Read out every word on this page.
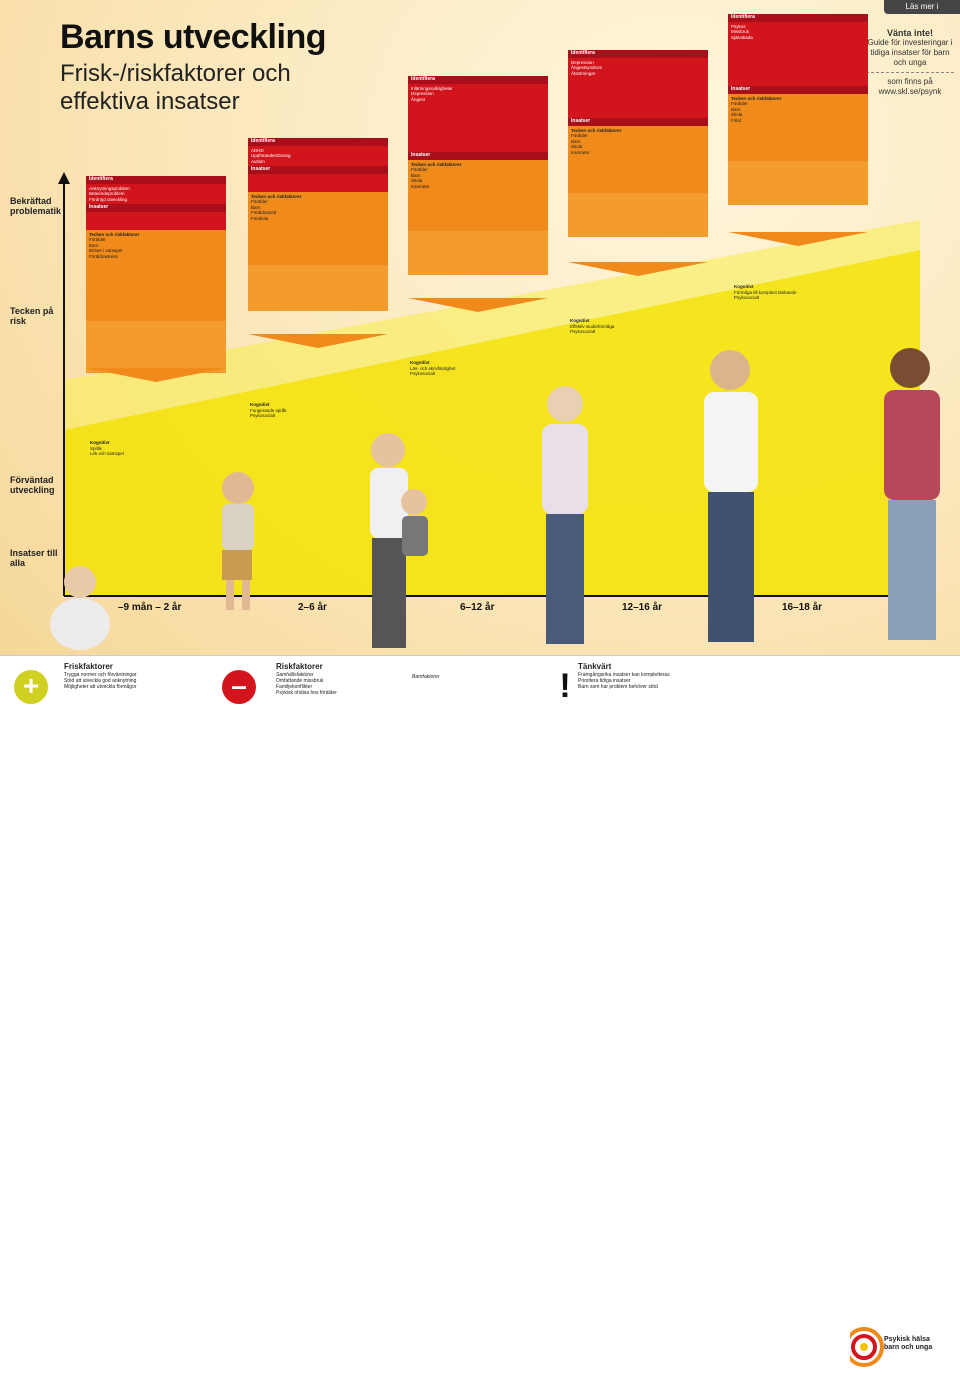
Läs mer i
Barns utveckling
Frisk-/riskfaktorer och effektiva insatser
Vänta inte!
Guide för investeringar i tidiga insatser för barn och unga
som finns på
www.skl.se/psynk
Bekräftad problematik
Tecken på risk
Förväntad utveckling
Insatser till alla
–9 mån – 2 år	2–6 år	6–12 år	12–16 år	16–18 år
Identifiera
Anknytningsproblem
Beteendeproblem
Fördröjd utveckling
Insatser
Tecken och riskfaktorer
Förälder
Barn
Brister i samspel
Föräldrastress
Identifiera
ADHD
Uppförandestörning
Autism
Insatser
Tecken och riskfaktorer
Förälder
Barn
Föräldrastöd
Förskola
Identifiera
Inlärningssvårigheter
Depression
Ångest
Insatser
Tecken och riskfaktorer
Förälder
Barn
Skola
Kamrater
Identifiera
Depression
Ångestsyndrom
Ätstörningar
Insatser
Tecken och riskfaktorer
Förälder
Barn
Skola
Kamrater
Identifiera
Psykos
Missbruk
Självskada
Insatser
Tecken och riskfaktorer
Förälder
Barn
Skola
Fritid
Kognitivt
Språk
Lek och samspel
Kognitivt
Fungerande språk
Psykosocialt
Kognitivt
Läs- och skrivfärdighet
Psykosocialt
Kognitivt
Effektiv studieförmåga
Psykosocialt
Kognitivt
Förmåga till komplext tänkande
Psykosocialt
+
Friskfaktorer
Trygga normer och förväntningar
Stöd att utveckla god anknytning
Möjligheter att utveckla förmågor	–
Riskfaktorer
Samhällsfaktorer
Omfattande missbruk
Familjekonflikter
Psykisk ohälsa hos förälder
Barnfaktorer	!
Tänkvärt
Framgångsrika insatser kan kompletteras
Prioritera tidiga insatser
Barn som har problem behöver stöd
Psykisk hälsa
barn och unga
